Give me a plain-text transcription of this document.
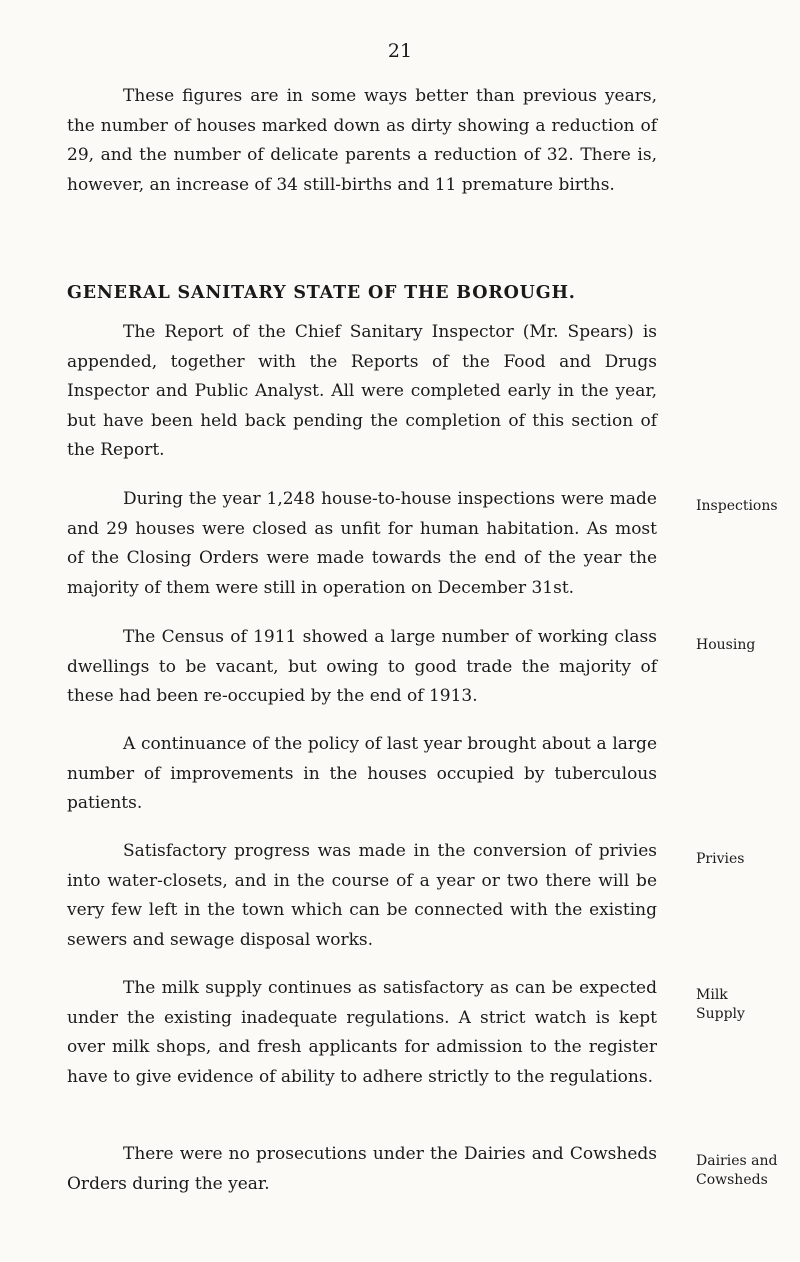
21

These figures are in some ways better than previous years, the number of houses marked down as dirty showing a reduction of 29, and the number of delicate parents a reduction of 32. There is, however, an increase of 34 still-births and 11 premature births.

GENERAL SANITARY STATE OF THE BOROUGH.

The Report of the Chief Sanitary Inspector (Mr. Spears) is appended, together with the Reports of the Food and Drugs Inspector and Public Analyst. All were completed early in the year, but have been held back pending the completion of this section of the Report.

During the year 1,248 house-to-house inspections were made and 29 houses were closed as unfit for human habitation. As most of the Closing Orders were made towards the end of the year the majority of them were still in operation on December 31st.

Inspections

The Census of 1911 showed a large number of working class dwellings to be vacant, but owing to good trade the majority of these had been re-occupied by the end of 1913.

Housing

A continuance of the policy of last year brought about a large number of improvements in the houses occupied by tuberculous patients.

Satisfactory progress was made in the conversion of privies into water-closets, and in the course of a year or two there will be very few left in the town which can be connected with the existing sewers and sewage disposal works.

Privies

The milk supply continues as satisfactory as can be expected under the existing inadequate regulations. A strict watch is kept over milk shops, and fresh applicants for admission to the register have to give evidence of ability to adhere strictly to the regulations.

Milk
Supply

There were no prosecutions under the Dairies and Cowsheds Orders during the year.

Dairies and
Cowsheds
